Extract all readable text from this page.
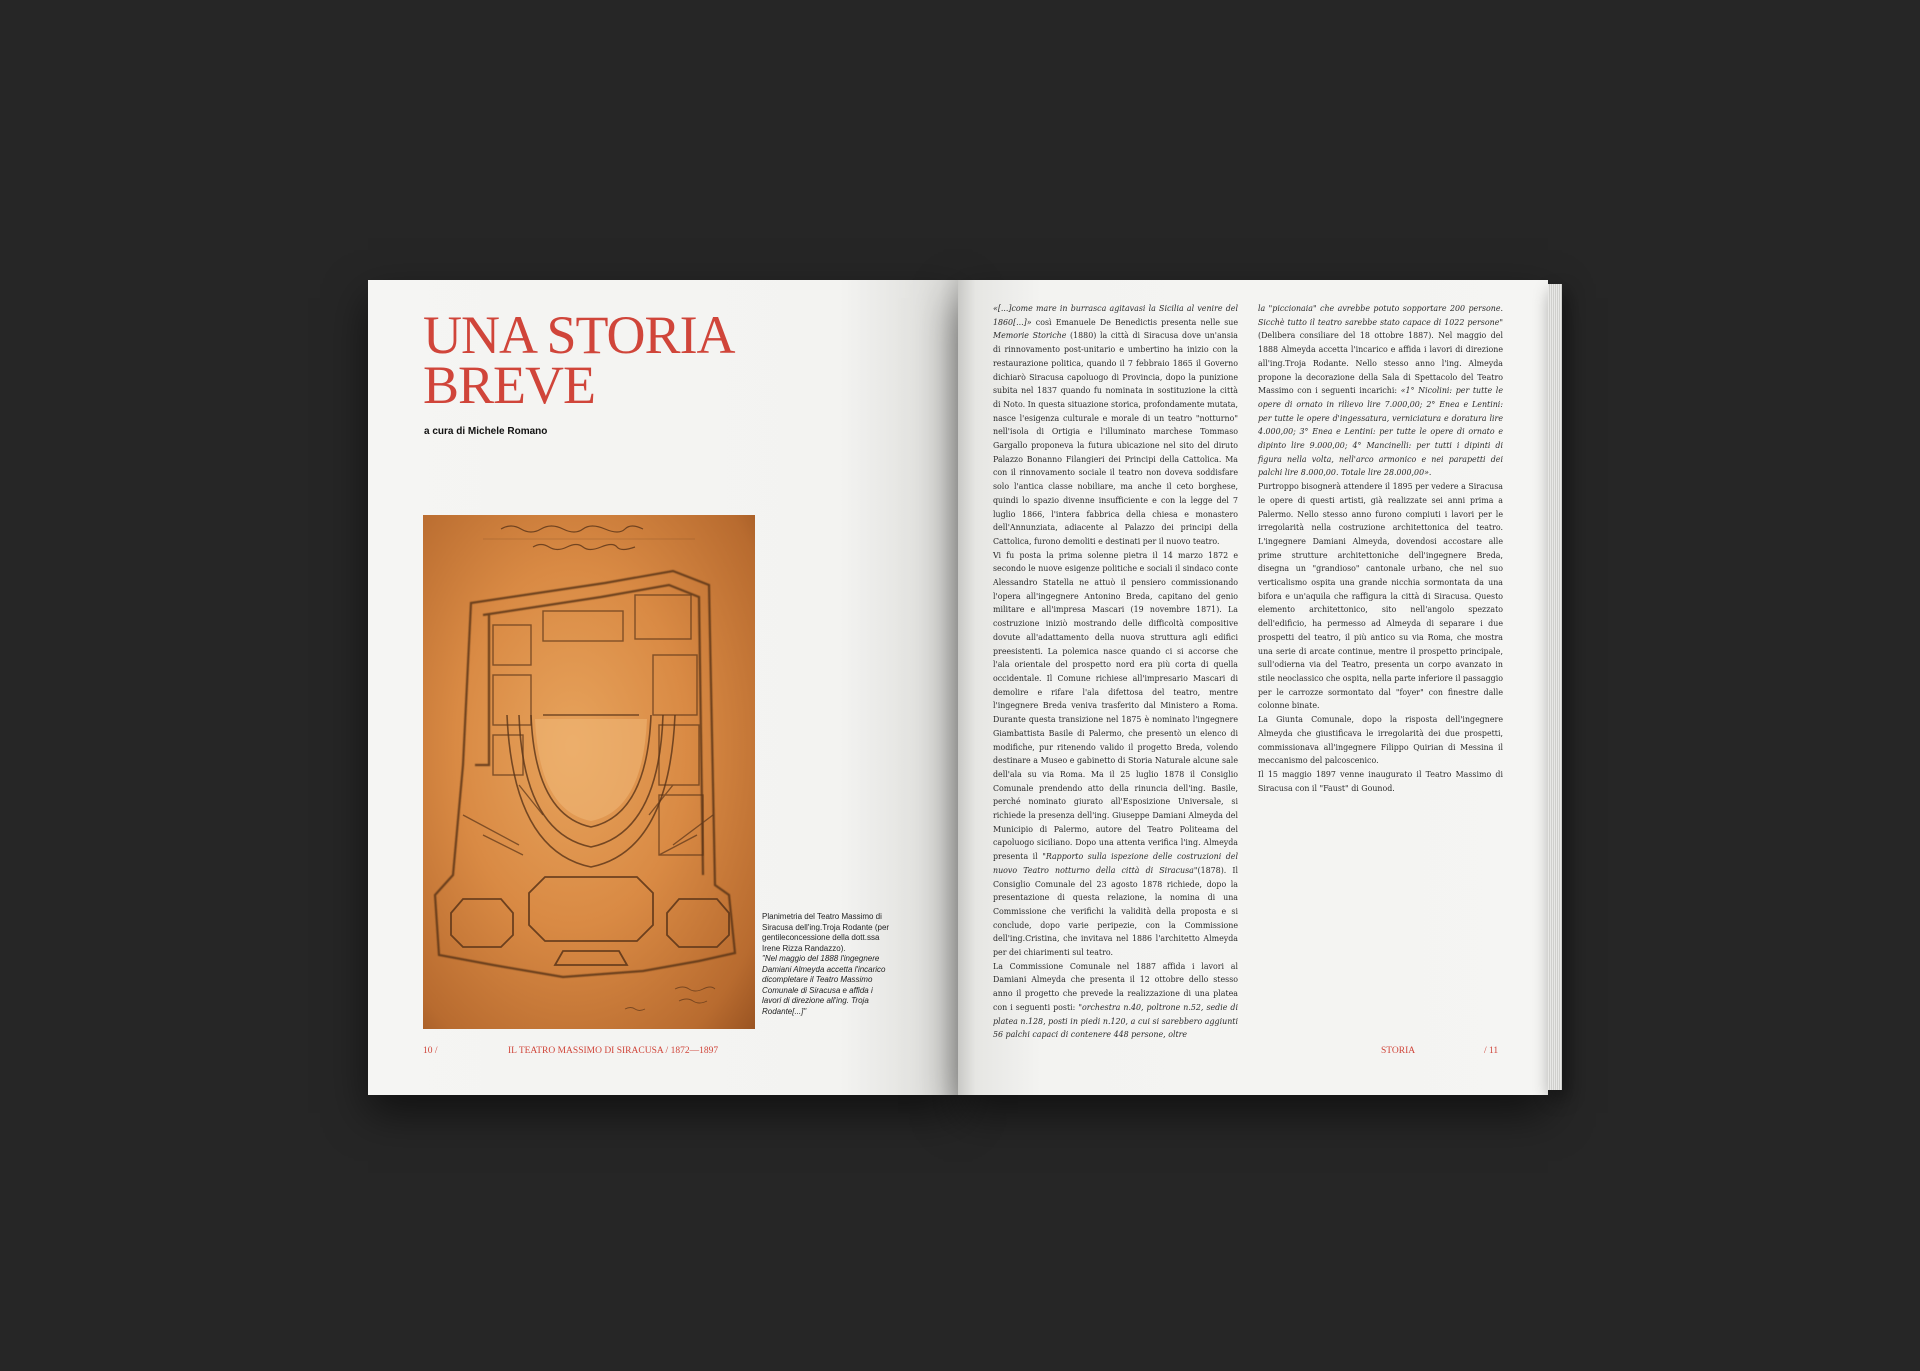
UNA STORIA
BREVE
a cura di Michele Romano

Planimetria del Teatro Massimo di Siracusa dell'ing.Troja Rodante (per gentileconcessione della dott.ssa Irene Rizza Randazzo).

"Nel maggio del 1888 l'ingegnere Damiani Almeyda accetta l'incarico dicompletare il Teatro Massimo Comunale di Siracusa e affida i lavori di direzione all'ing. Troja Rodante[...]"

10 /	IL TEATRO MASSIMO DI SIRACUSA / 1872—1897

«[...]come mare in burrasca agitavasi la Sicilia al venire del 1860[...]» così Emanuele De Benedictis presenta nelle sue Memorie Storiche (1880) la città di Siracusa dove un'ansia di rinnovamento post-unitario e umbertino ha inizio con la restaurazione politica, quando il 7 febbraio 1865 il Governo dichiarò Siracusa capoluogo di Provincia, dopo la punizione subita nel 1837 quando fu nominata in sostituzione la città di Noto. In questa situazione storica, profondamente mutata, nasce l'esigenza culturale e morale di un teatro "notturno" nell'isola di Ortigia e l'illuminato marchese Tommaso Gargallo proponeva la futura ubicazione nel sito del diruto Palazzo Bonanno Filangieri dei Principi della Cattolica. Ma con il rinnovamento sociale il teatro non doveva soddisfare solo l'antica classe nobiliare, ma anche il ceto borghese, quindi lo spazio divenne insufficiente e con la legge del 7 luglio 1866, l'intera fabbrica della chiesa e monastero dell'Annunziata, adiacente al Palazzo dei principi della Cattolica, furono demoliti e destinati per il nuovo teatro.

Vi fu posta la prima solenne pietra il 14 marzo 1872 e secondo le nuove esigenze politiche e sociali il sindaco conte Alessandro Statella ne attuò il pensiero commissionando l'opera all'ingegnere Antonino Breda, capitano del genio militare e all'impresa Mascari (19 novembre 1871). La costruzione iniziò mostrando delle difficoltà compositive dovute all'adattamento della nuova struttura agli edifici preesistenti. La polemica nasce quando ci si accorse che l'ala orientale del prospetto nord era più corta di quella occidentale. Il Comune richiese all'impresario Mascari di demolire e rifare l'ala difettosa del teatro, mentre l'ingegnere Breda veniva trasferito dal Ministero a Roma. Durante questa transizione nel 1875 è nominato l'ingegnere Giambattista Basile di Palermo, che presentò un elenco di modifiche, pur ritenendo valido il progetto Breda, volendo destinare a Museo e gabinetto di Storia Naturale alcune sale dell'ala su via Roma. Ma il 25 luglio 1878 il Consiglio Comunale prendendo atto della rinuncia dell'ing. Basile, perché nominato giurato all'Esposizione Universale, si richiede la presenza dell'ing. Giuseppe Damiani Almeyda del Municipio di Palermo, autore del Teatro Politeama del capoluogo siciliano. Dopo una attenta verifica l'ing. Almeyda presenta il "Rapporto sulla ispezione delle costruzioni del nuovo Teatro notturno della città di Siracusa"(1878). Il Consiglio Comunale del 23 agosto 1878 richiede, dopo la presentazione di questa relazione, la nomina di una Commissione che verifichi la validità della proposta e si conclude, dopo varie peripezie, con la Commissione dell'ing.Cristina, che invitava nel 1886 l'architetto Almeyda per dei chiarimenti sul teatro.

La Commissione Comunale nel 1887 affida i lavori al Damiani Almeyda che presenta il 12 ottobre dello stesso anno il progetto che prevede la realizzazione di una platea con i seguenti posti: "orchestra n.40, poltrone n.52, sedie di platea n.128, posti in piedi n.120, a cui si sarebbero aggiunti 56 palchi capaci di contenere 448 persone, oltre

la "piccionaia" che avrebbe potuto sopportare 200 persone. Sicchè tutto il teatro sarebbe stato capace di 1022 persone" (Delibera consiliare del 18 ottobre 1887). Nel maggio del 1888 Almeyda accetta l'incarico e affida i lavori di direzione all'ing.Troja Rodante. Nello stesso anno l'ing. Almeyda propone la decorazione della Sala di Spettacolo del Teatro Massimo con i seguenti incarichi: «1° Nicolini: per tutte le opere di ornato in rilievo lire 7.000,00; 2° Enea e Lentini: per tutte le opere d'ingessatura, verniciatura e doratura lire 4.000,00; 3° Enea e Lentini: per tutte le opere di ornato e dipinto lire 9.000,00; 4° Mancinelli: per tutti i dipinti di figura nella volta, nell'arco armonico e nei parapetti dei palchi lire 8.000,00. Totale lire 28.000,00».

Purtroppo bisognerà attendere il 1895 per vedere a Siracusa le opere di questi artisti, già realizzate sei anni prima a Palermo. Nello stesso anno furono compiuti i lavori per le irregolarità nella costruzione architettonica del teatro. L'ingegnere Damiani Almeyda, dovendosi accostare alle prime strutture architettoniche dell'ingegnere Breda, disegna un "grandioso" cantonale urbano, che nel suo verticalismo ospita una grande nicchia sormontata da una bifora e un'aquila che raffigura la città di Siracusa. Questo elemento architettonico, sito nell'angolo spezzato dell'edificio, ha permesso ad Almeyda di separare i due prospetti del teatro, il più antico su via Roma, che mostra una serie di arcate continue, mentre il prospetto principale, sull'odierna via del Teatro, presenta un corpo avanzato in stile neoclassico che ospita, nella parte inferiore il passaggio per le carrozze sormontato dal "foyer" con finestre dalle colonne binate.

La Giunta Comunale, dopo la risposta dell'ingegnere Almeyda che giustificava le irregolarità dei due prospetti, commissionava all'ingegnere Filippo Quirian di Messina il meccanismo del palcoscenico.

Il 15 maggio 1897 venne inaugurato il Teatro Massimo di Siracusa con il "Faust" di Gounod.

STORIA	/ 11
